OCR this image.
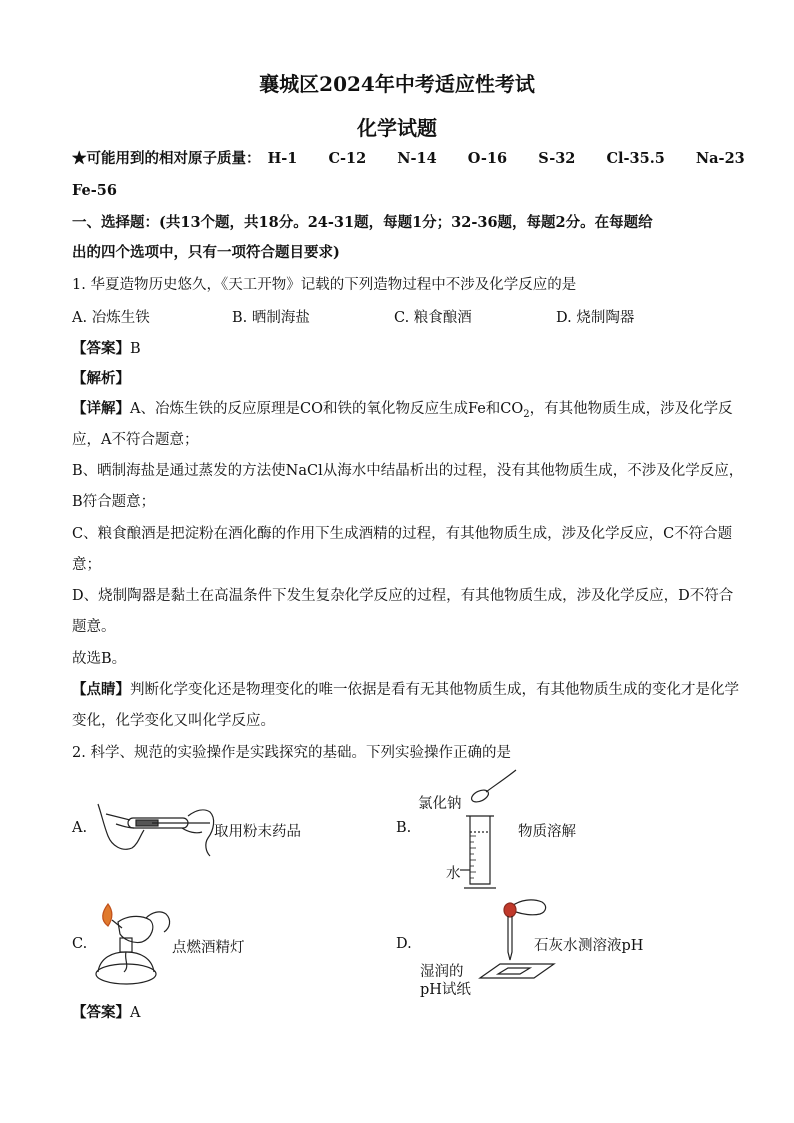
襄城区2024年中考适应性考试
化学试题
★可能用到的相对原子质量： H-1 C-12 N-14 O-16 S-32 Cl-35.5 Na-23
Fe-56
一、选择题：(共13个题，共18分。24-31题，每题1分；32-36题，每题2分。在每题给
出的四个选项中，只有一项符合题目要求)
1. 华夏造物历史悠久，《天工开物》记载的下列造物过程中不涉及化学反应的是
A. 冶炼生铁	B. 晒制海盐	C. 粮食酿酒	D. 烧制陶器
【答案】B
【解析】
【详解】A、冶炼生铁的反应原理是CO和铁的氧化物反应生成Fe和$CO_2$，有其他物质生成，涉及化学反
应，A不符合题意；
B、晒制海盐是通过蒸发的方法使NaCl从海水中结晶析出的过程，没有其他物质生成，不涉及化学反应，
B符合题意；
C、粮食酿酒是把淀粉在酒化酶的作用下生成酒精的过程，有其他物质生成，涉及化学反应，C不符合题
意；
D、烧制陶器是黏土在高温条件下发生复杂化学反应的过程，有其他物质生成，涉及化学反应，D不符合
题意。
故选B。
【点睛】判断化学变化还是物理变化的唯一依据是看有无其他物质生成，有其他物质生成的变化才是化学
变化，化学变化又叫化学反应。
2. 科学、规范的实验操作是实践探究的基础。下列实验操作正确的是
A.	取用粉末药品	B.
氯化钠
水
物质溶解
C.	点燃酒精灯	D.	石灰水 测溶液pH
湿润的
pH试纸
【答案】A
